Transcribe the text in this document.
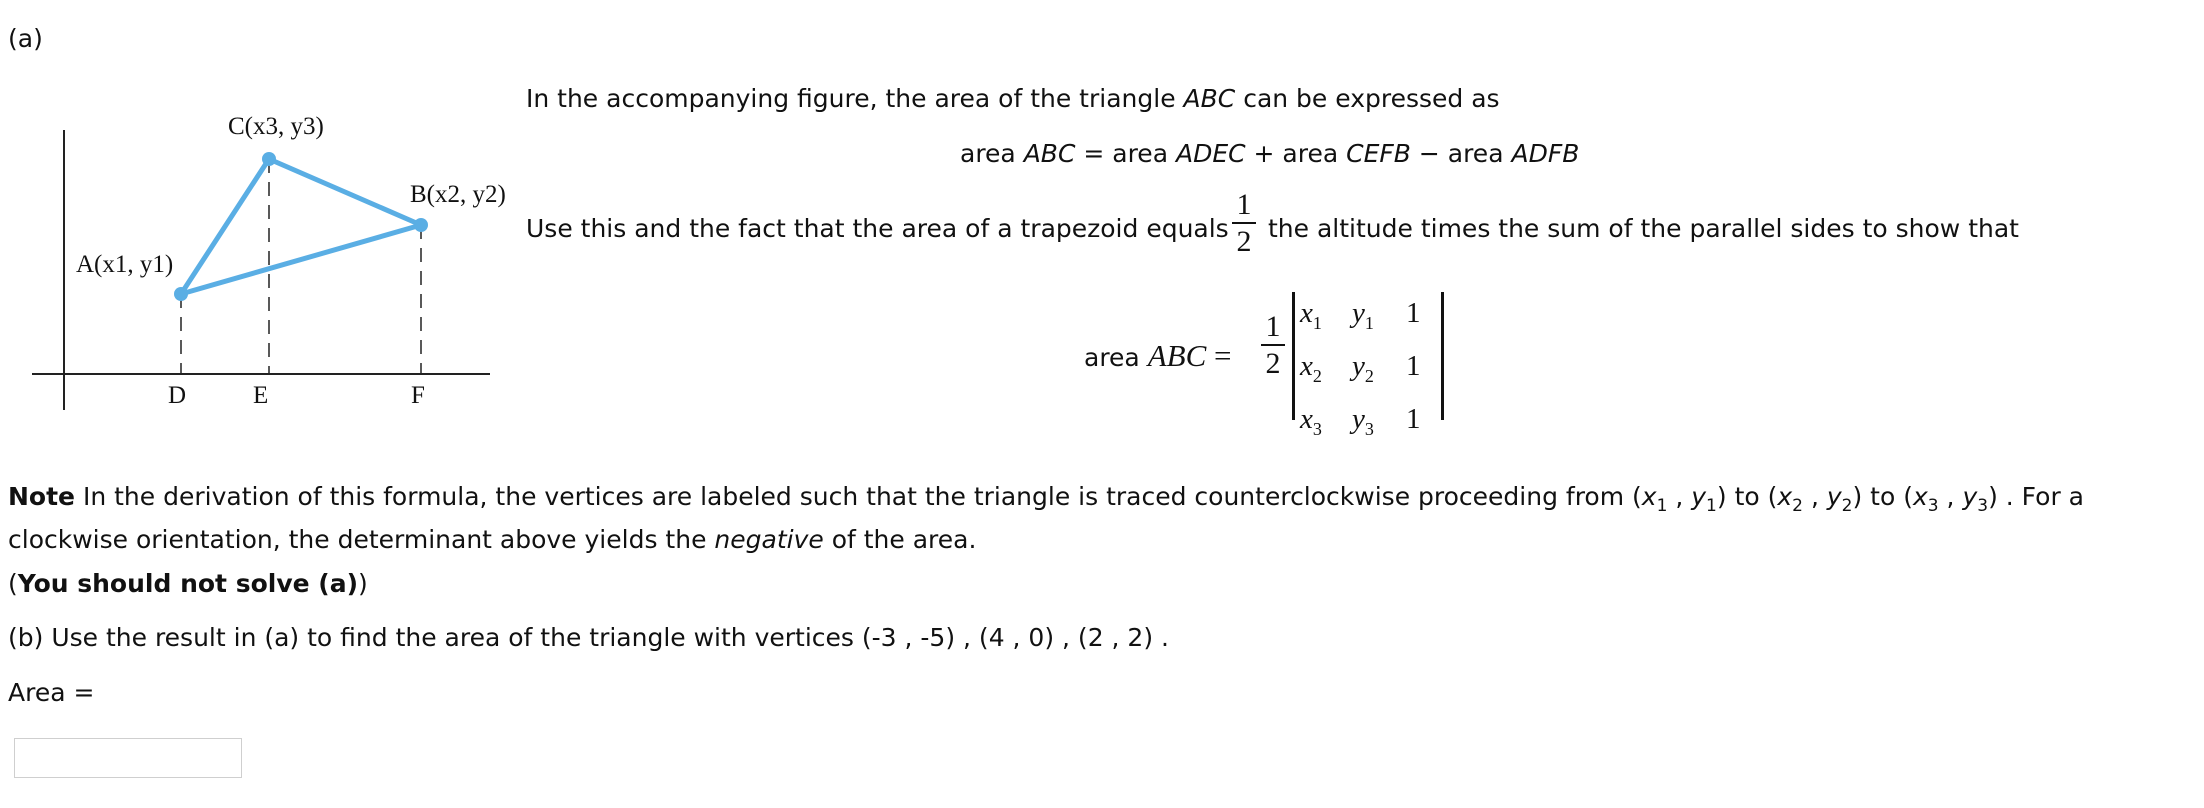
(a)
C(x3, y3)
B(x2, y2)
A(x1, y1)
D	E	F
In the accompanying figure, the area of the triangle ABC can be expressed as
area ABC = area ADEC + area CEFB − area ADFB
Use this and the fact that the area of a trapezoid equals
1
2 the altitude times the sum of the parallel sides to show that
area ABC =
1
2
$x_1$ $y_1$ 1
$x_2$ $y_2$ 1
$x_3$ $y_3$ 1
Note In the derivation of this formula, the vertices are labeled such that the triangle is traced counterclockwise proceeding from ($x_1$ , $y_1$) to ($x_2$ , $y_2$) to ($x_3$ , $y_3$) . For a clockwise orientation, the determinant above yields the negative of the area.
(You should not solve (a))
(b) Use the result in (a) to find the area of the triangle with vertices (-3 , -5) , (4 , 0) , (2 , 2) .
Area =
